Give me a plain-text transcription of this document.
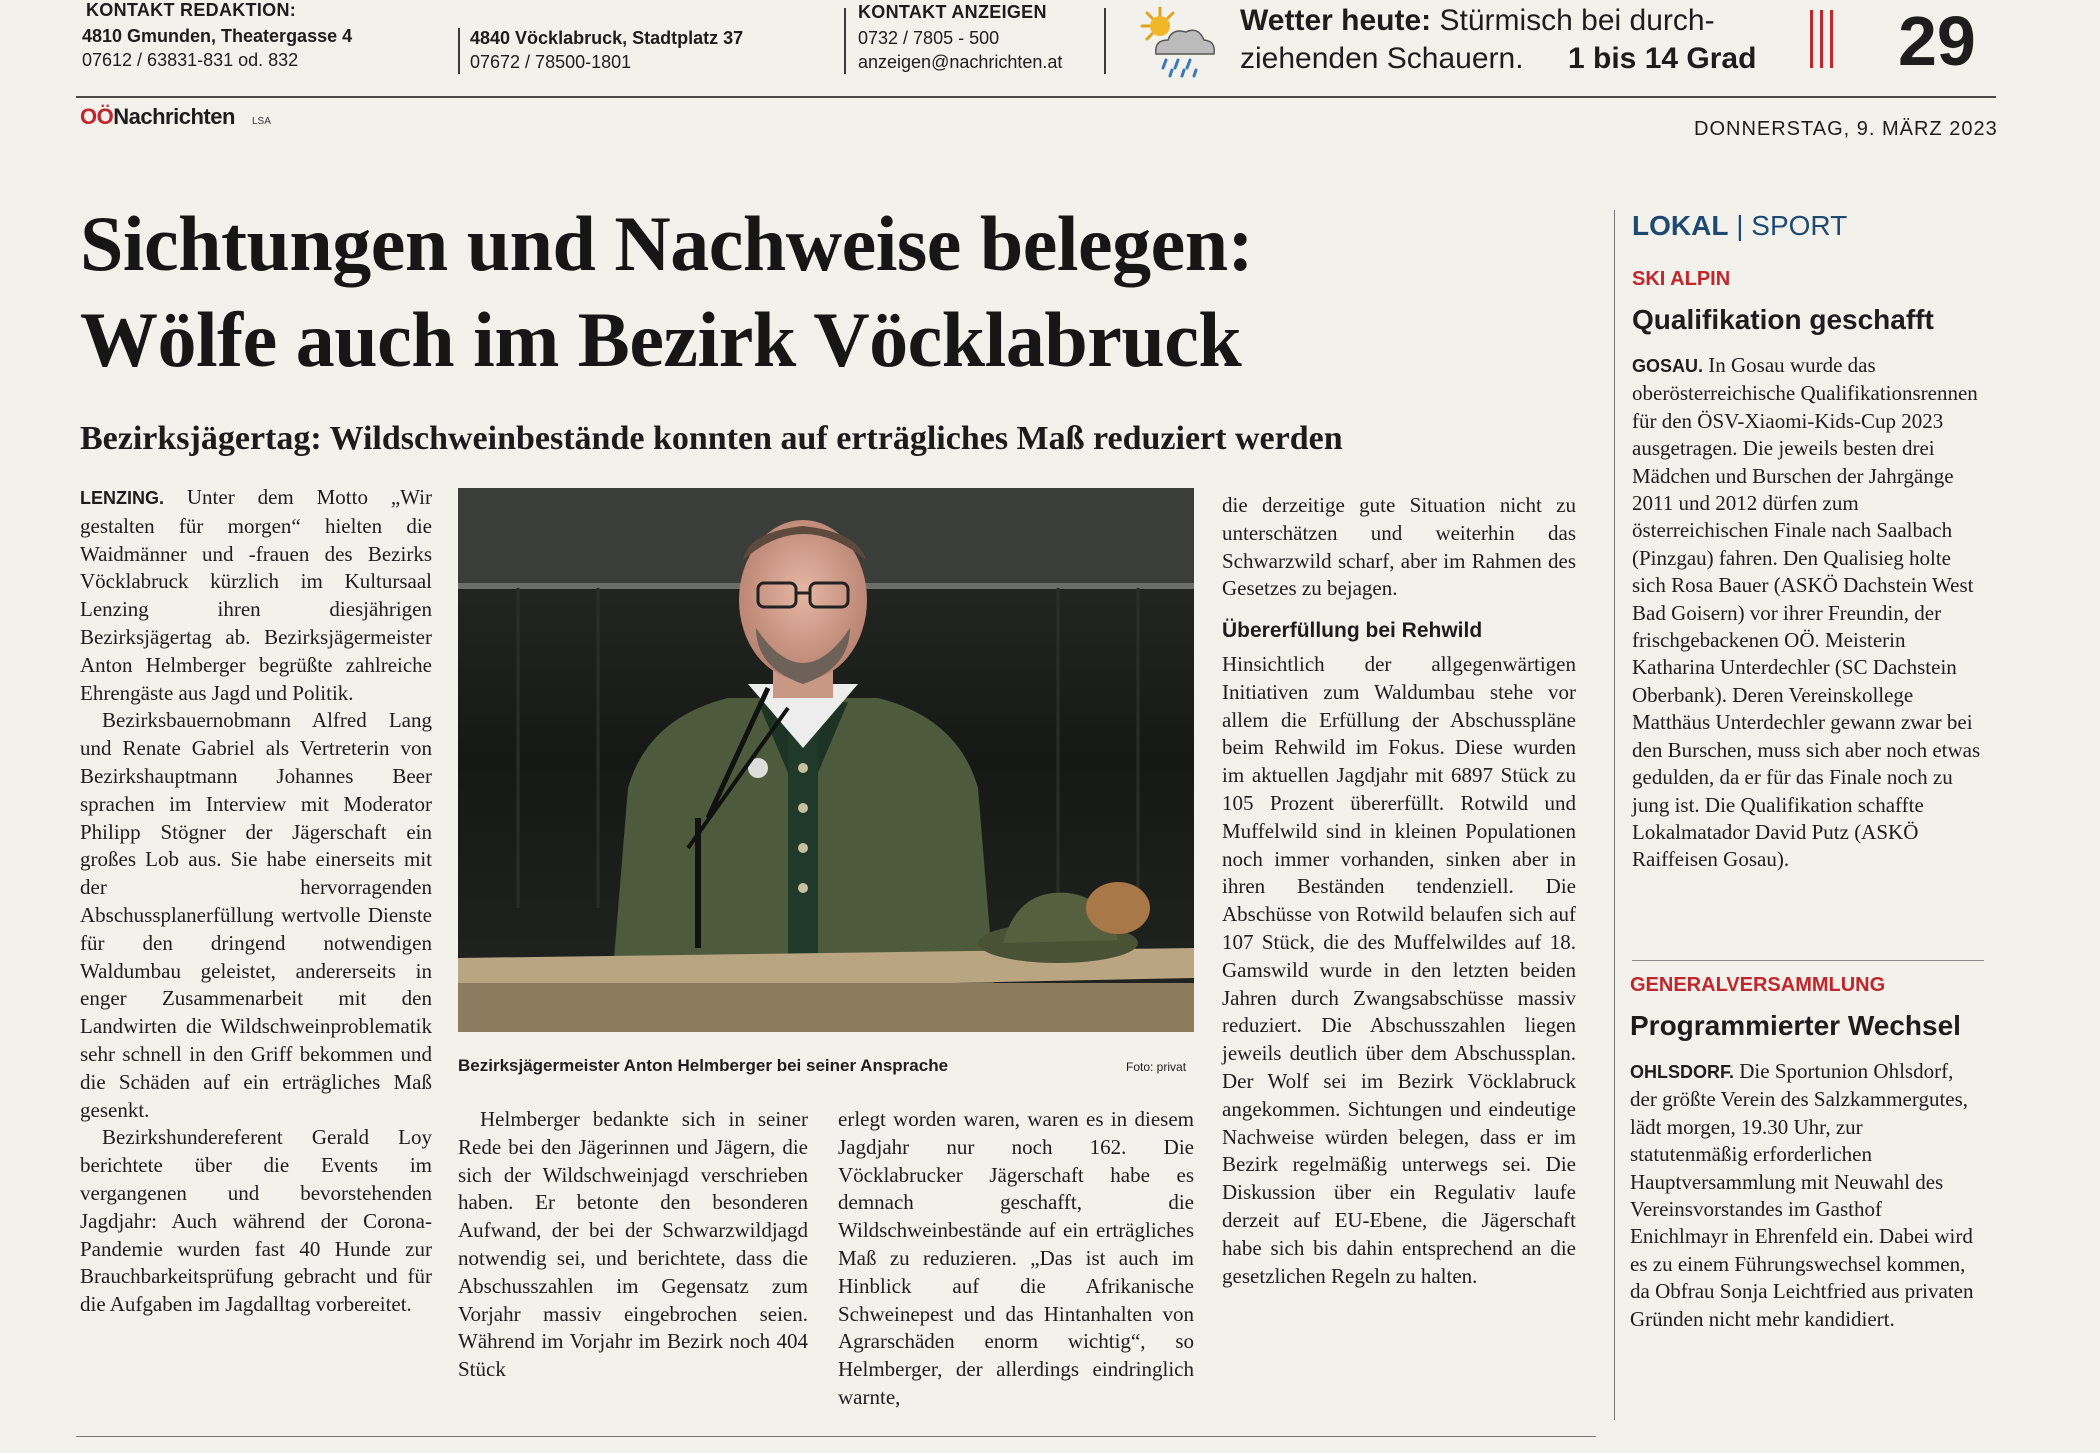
KONTAKT REDAKTION:
4810 Gmunden, Theatergasse 4
07612 / 63831-831 od. 832
4840 Vöcklabruck, Stadtplatz 37
07672 / 78500-1801
KONTAKT ANZEIGEN
0732 / 7805 - 500
anzeigen@nachrichten.at
Wetter heute: Stürmisch bei durch-
ziehenden Schauern. 1 bis 14 Grad 29
OÖNachrichten LSA	DONNERSTAG, 9. MÄRZ 2023
Sichtungen und Nachweise belegen:
Wölfe auch im Bezirk Vöcklabruck
Bezirksjägertag: Wildschweinbestände konnten auf erträgliches Maß reduziert werden

LENZING. Unter dem Motto „Wir gestalten für morgen“ hielten die Waidmänner und -frauen des Bezirks Vöcklabruck kürzlich im Kultursaal Lenzing ihren diesjährigen Bezirksjägertag ab. Bezirksjägermeister Anton Helmberger begrüßte zahlreiche Ehrengäste aus Jagd und Politik.

Bezirksbauernobmann Alfred Lang und Renate Gabriel als Vertreterin von Bezirkshauptmann Johannes Beer sprachen im Interview mit Moderator Philipp Stögner der Jägerschaft ein großes Lob aus. Sie habe einerseits mit der hervorragenden Abschussplanerfüllung wertvolle Dienste für den dringend notwendigen Waldumbau geleistet, andererseits in enger Zusammenarbeit mit den Landwirten die Wildschweinproblematik sehr schnell in den Griff bekommen und die Schäden auf ein erträgliches Maß gesenkt.

Bezirkshundereferent Gerald Loy berichtete über die Events im vergangenen und bevorstehenden Jagdjahr: Auch während der Corona-Pandemie wurden fast 40 Hunde zur Brauchbarkeitsprüfung gebracht und für die Aufgaben im Jagdalltag vorbereitet.

Bezirksjägermeister Anton Helmberger bei seiner Ansprache	Foto: privat

Helmberger bedankte sich in seiner Rede bei den Jägerinnen und Jägern, die sich der Wildschweinjagd verschrieben haben. Er betonte den besonderen Aufwand, der bei der Schwarzwildjagd notwendig sei, und berichtete, dass die Abschusszahlen im Gegensatz zum Vorjahr massiv eingebrochen seien. Während im Vorjahr im Bezirk noch 404 Stück

erlegt worden waren, waren es in diesem Jagdjahr nur noch 162. Die Vöcklabrucker Jägerschaft habe es demnach geschafft, die Wildschweinbestände auf ein erträgliches Maß zu reduzieren. „Das ist auch im Hinblick auf die Afrikanische Schweinepest und das Hintanhalten von Agrarschäden enorm wichtig“, so Helmberger, der allerdings eindringlich warnte,

die derzeitige gute Situation nicht zu unterschätzen und weiterhin das Schwarzwild scharf, aber im Rahmen des Gesetzes zu bejagen.

Übererfüllung bei Rehwild

Hinsichtlich der allgegenwärtigen Initiativen zum Waldumbau stehe vor allem die Erfüllung der Abschusspläne beim Rehwild im Fokus. Diese wurden im aktuellen Jagdjahr mit 6897 Stück zu 105 Prozent übererfüllt. Rotwild und Muffelwild sind in kleinen Populationen noch immer vorhanden, sinken aber in ihren Beständen tendenziell. Die Abschüsse von Rotwild belaufen sich auf 107 Stück, die des Muffelwildes auf 18. Gamswild wurde in den letzten beiden Jahren durch Zwangsabschüsse massiv reduziert. Die Abschusszahlen liegen jeweils deutlich über dem Abschussplan. Der Wolf sei im Bezirk Vöcklabruck angekommen. Sichtungen und eindeutige Nachweise würden belegen, dass er im Bezirk regelmäßig unterwegs sei. Die Diskussion über ein Regulativ laufe derzeit auf EU-Ebene, die Jägerschaft habe sich bis dahin entsprechend an die gesetzlichen Regeln zu halten.

LOKAL | SPORT
SKI ALPIN
Qualifikation geschafft
GOSAU. In Gosau wurde das oberösterreichische Qualifikationsrennen für den ÖSV-Xiaomi-Kids-Cup 2023 ausgetragen. Die jeweils besten drei Mädchen und Burschen der Jahrgänge 2011 und 2012 dürfen zum österreichischen Finale nach Saalbach (Pinzgau) fahren. Den Qualisieg holte sich Rosa Bauer (ASKÖ Dachstein West Bad Goisern) vor ihrer Freundin, der frischgebackenen OÖ. Meisterin Katharina Unterdechler (SC Dachstein Oberbank). Deren Vereinskollege Matthäus Unterdechler gewann zwar bei den Burschen, muss sich aber noch etwas gedulden, da er für das Finale noch zu jung ist. Die Qualifikation schaffte Lokalmatador David Putz (ASKÖ Raiffeisen Gosau).
GENERALVERSAMMLUNG
Programmierter Wechsel
OHLSDORF. Die Sportunion Ohlsdorf, der größte Verein des Salzkammergutes, lädt morgen, 19.30 Uhr, zur statutenmäßig erforderlichen Hauptversammlung mit Neuwahl des Vereinsvorstandes im Gasthof Enichlmayr in Ehrenfeld ein. Dabei wird es zu einem Führungswechsel kommen, da Obfrau Sonja Leichtfried aus privaten Gründen nicht mehr kandidiert.
